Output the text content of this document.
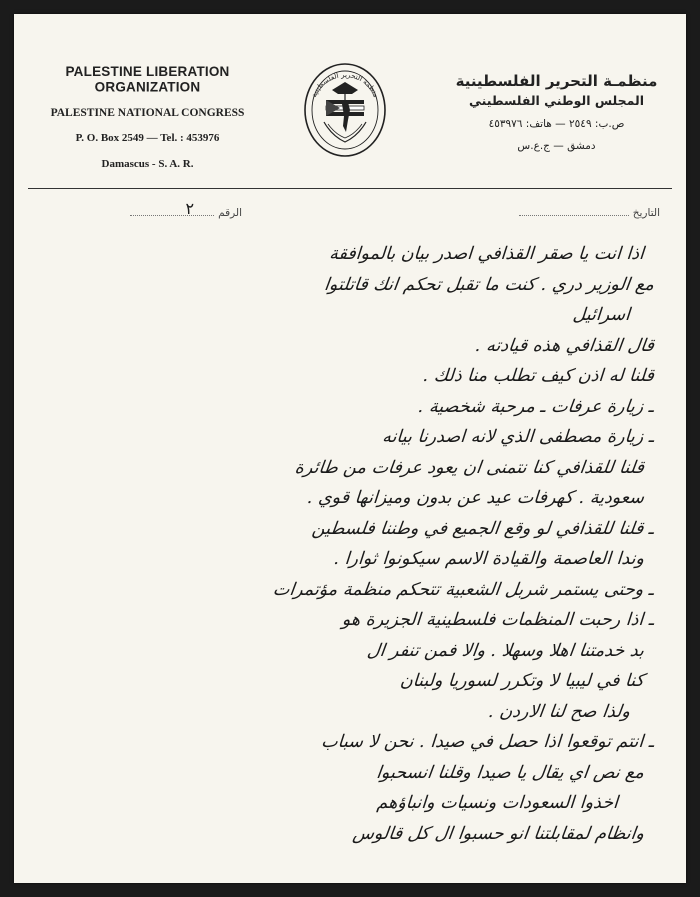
PALESTINE LIBERATION ORGANIZATION
PALESTINE NATIONAL CONGRESS
P. O. Box 2549 — Tel. : 453976
Damascus - S. A. R.
منظمة التحرير الفلسطينية
منظمـة التحرير الفلسطينية
المجلس الوطني الفلسطيني
ص.ب: ٢٥٤٩ — هاتف: ٤٥٣٩٧٦
دمشق — ج.ع.س
التاريخ
الرقم
٢
اذا انت يا صقر القذافي اصدر بيان بالموافقة
مع الوزير دري . كنت ما تقبل تحكم انك قاتلتوا
اسرائيل
قال القذافي هذه قيادته .
قلنا له اذن كيف تطلب منا ذلك .
ـ زيارة عرفات ـ مرحبة شخصية .
ـ زيارة مصطفى الذي لانه اصدرنا بيانه
قلنا للقذافي كنا نتمنى ان يعود عرفات من طائرة
سعودية . كهرفات عيد عن بدون وميزانها قوي .
ـ قلنا للقذافي لو وقع الجميع في وطننا فلسطين
وندا العاصمة والقيادة الاسم سيكونوا ثوارا .
ـ وحتى يستمر شربل الشعبية تتحكم منظمة مؤتمرات
ـ اذا رحبت المنظمات فلسطينية الجزيرة هو
بد خدمتنا اهلا وسهلا . والا فمن تنفر ال
كنا في ليبيا لا وتكرر لسوريا ولبنان
ولذا صح لنا الاردن .
ـ انتم توقعوا اذا حصل في صيدا . نحن لا سباب
مع نص اي يقال يا صيدا وقلنا انسحبوا
اخذوا السعودات ونسيات وانباؤهم
وانظام لمقابلتنا انو حسبوا ال كل قالوس
